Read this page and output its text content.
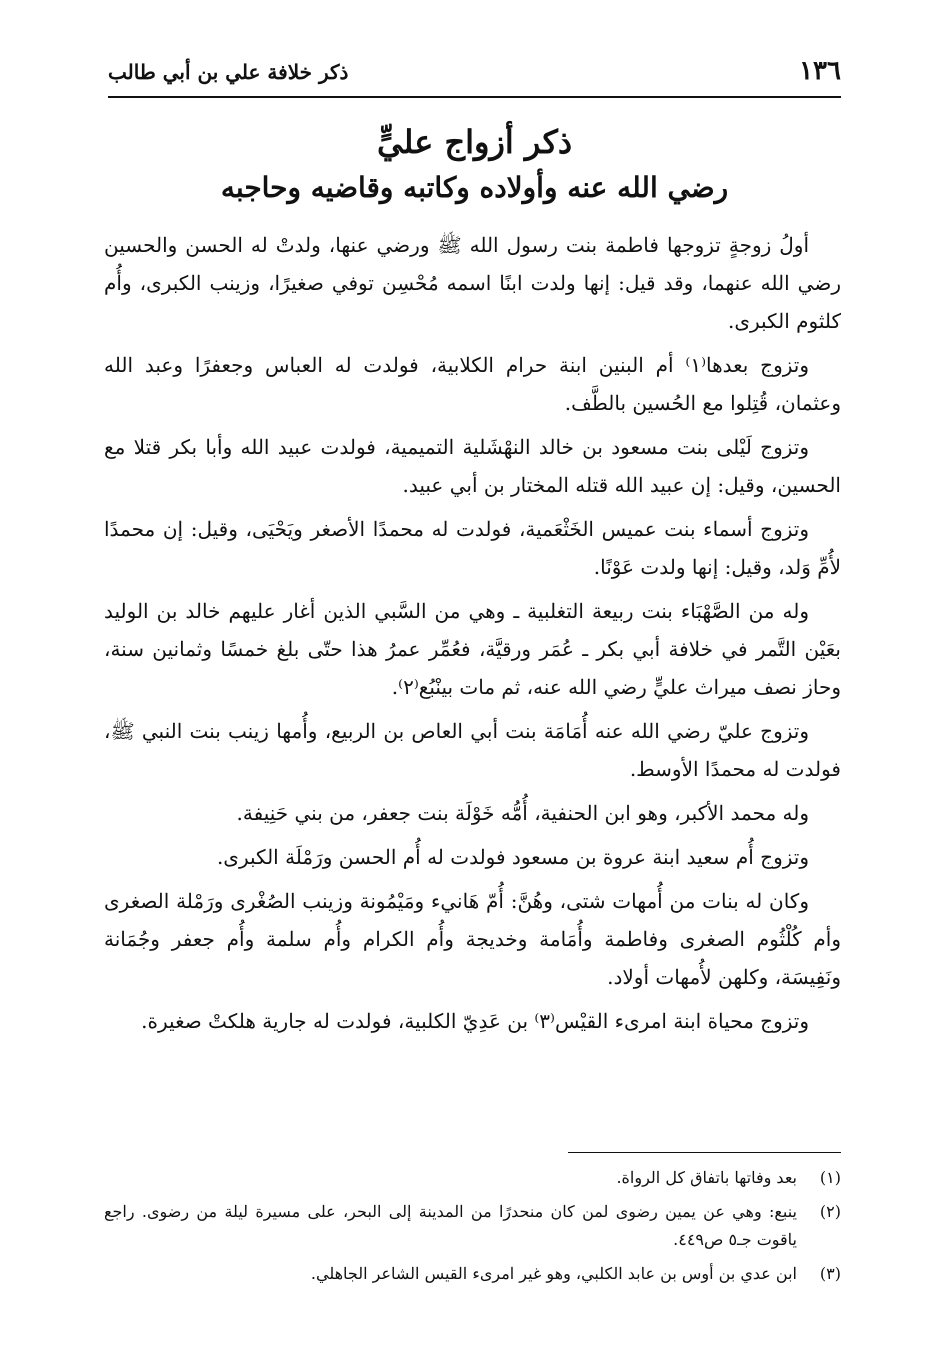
١٣٦
ذكر خلافة علي بن أبي طالب
ذكر أزواج عليٍّ
رضي الله عنه وأولاده وكاتبه وقاضيه وحاجبه

أولُ زوجةٍ تزوجها فاطمة بنت رسول الله ﷺ ورضي عنها، ولدتْ له الحسن والحسين رضي الله عنهما، وقد قيل: إنها ولدت ابنًا اسمه مُحْسِن توفي صغيرًا، وزينب الكبرى، وأُم كلثوم الكبرى.

وتزوج بعدها⁽١⁾ أم البنين ابنة حرام الكلابية، فولدت له العباس وجعفرًا وعبد الله وعثمان، قُتِلوا مع الحُسين بالطَّف.

وتزوج لَيْلى بنت مسعود بن خالد النهْشَلية التميمية، فولدت عبيد الله وأبا بكر قتلا مع الحسين، وقيل: إن عبيد الله قتله المختار بن أبي عبيد.

وتزوج أسماء بنت عميس الخَثْعَمية، فولدت له محمدًا الأصغر ويَحْيَى، وقيل: إن محمدًا لأُمِّ وَلد، وقيل: إنها ولدت عَوْنًا.

وله من الصَّهْبَاء بنت ربيعة التغلبية ـ وهي من السَّبي الذين أغار عليهم خالد بن الوليد بعَيْن التَّمر في خلافة أبي بكر ـ عُمَر ورقيَّة، فعُمِّر عمرُ هذا حتّى بلغ خمسًا وثمانين سنة، وحاز نصف ميراث عليٍّ رضي الله عنه، ثم مات بينْبُع⁽٢⁾.

وتزوج عليّ رضي الله عنه أُمَامَة بنت أبي العاص بن الربيع، وأُمها زينب بنت النبي ﷺ، فولدت له محمدًا الأوسط.

وله محمد الأكبر، وهو ابن الحنفية، أُمُّه خَوْلَة بنت جعفر، من بني حَنِيفة.

وتزوج أُم سعيد ابنة عروة بن مسعود فولدت له أُم الحسن ورَمْلَة الكبرى.

وكان له بنات من أُمهات شتى، وهُنَّ: أُمّ هَانيء ومَيْمُونة وزينب الصُغْرى ورَمْلة الصغرى وأم كُلْثُوم الصغرى وفاطمة وأُمَامة وخديجة وأُم الكرام وأُم سلمة وأُم جعفر وجُمَانة ونَفِيسَة، وكلهن لأُمهات أولاد.

وتزوج محياة ابنة امرىء القيْس⁽٣⁾ بن عَدِيّ الكلبية، فولدت له جارية هلكتْ صغيرة.

(١)
بعد وفاتها باتفاق كل الرواة.
(٢)
ينبع: وهي عن يمين رضوى لمن كان منحدرًا من المدينة إلى البحر، على مسيرة ليلة من رضوى. راجع ياقوت جـ٥ ص٤٤٩.
(٣)
ابن عدي بن أوس بن عابد الكلبي، وهو غير امرىء القيس الشاعر الجاهلي.
